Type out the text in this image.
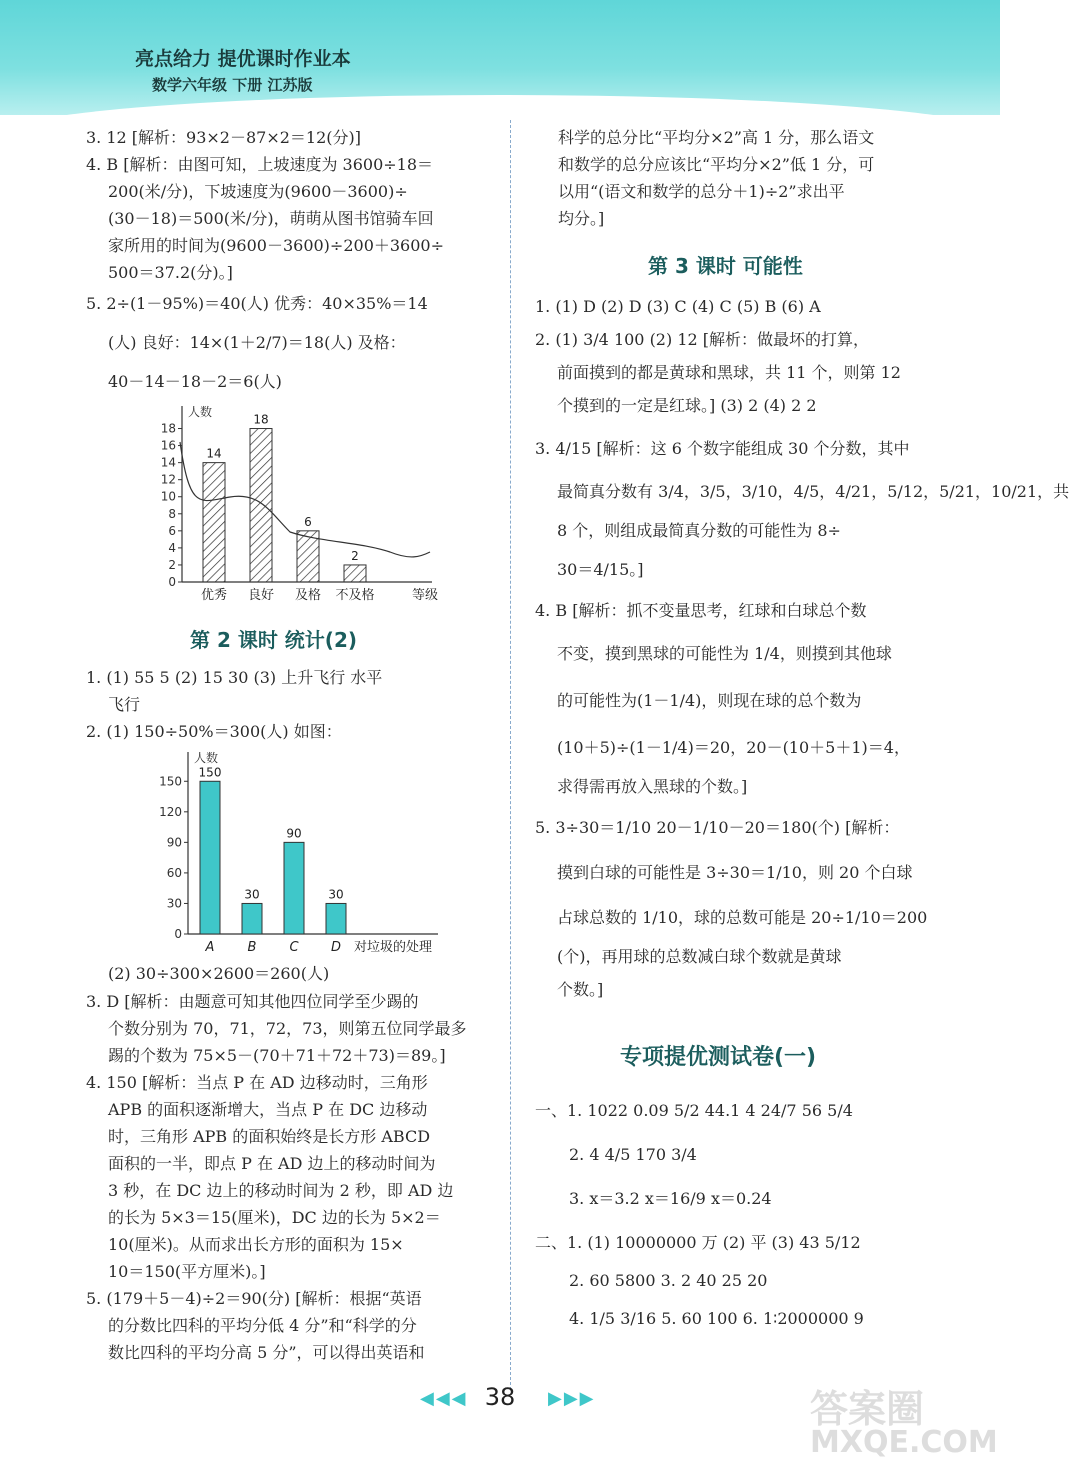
亮点给力 提优课时作业本
数学六年级 下册 江苏版
3. 12 [解析：93×2－87×2＝12(分)]
4. B [解析：由图可知，上坡速度为 3600÷18＝
200(米/分)，下坡速度为(9600－3600)÷
(30－18)＝500(米/分)，萌萌从图书馆骑车回
家所用的时间为(9600－3600)÷200＋3600÷
500＝37.2(分)。]
5. 2÷(1－95%)＝40(人) 优秀：40×35%＝14
(人) 良好：14×(1＋2/7)＝18(人) 及格：
40－14－18－2＝6(人)
人数
0
2
4
6
8
10
12
14
16
18
14
优秀
18
良好
6
及格
2
不及格	等级
第 2 课时 统计(2)
1. (1) 55 5 (2) 15 30 (3) 上升飞行 水平
飞行
2. (1) 150÷50%＝300(人) 如图：
人数
0
30
60
90
120
150
150
A
30
B
90
C
30
D 对垃圾的处理
(2) 30÷300×2600＝260(人)
3. D [解析：由题意可知其他四位同学至少踢的
个数分别为 70，71，72，73，则第五位同学最多
踢的个数为 75×5－(70＋71＋72＋73)＝89。]
4. 150 [解析：当点 P 在 AD 边移动时，三角形
APB 的面积逐渐增大，当点 P 在 DC 边移动
时，三角形 APB 的面积始终是长方形 ABCD
面积的一半，即点 P 在 AD 边上的移动时间为
3 秒，在 DC 边上的移动时间为 2 秒，即 AD 边
的长为 5×3＝15(厘米)，DC 边的长为 5×2＝
10(厘米)。从而求出长方形的面积为 15×
10＝150(平方厘米)。]
5. (179＋5－4)÷2＝90(分) [解析：根据“英语
的分数比四科的平均分低 4 分”和“科学的分
数比四科的平均分高 5 分”，可以得出英语和
科学的总分比“平均分×2”高 1 分，那么语文
和数学的总分应该比“平均分×2”低 1 分，可
以用“(语文和数学的总分＋1)÷2”求出平
均分。]
第 3 课时 可能性
1. (1) D (2) D (3) C (4) C (5) B (6) A
2. (1) 3/4 100 (2) 12 [解析：做最坏的打算，
前面摸到的都是黄球和黑球，共 11 个，则第 12
个摸到的一定是红球。] (3) 2 (4) 2 2
3. 4/15 [解析：这 6 个数字能组成 30 个分数，其中
最简真分数有 3/4，3/5，3/10，4/5，4/21，5/12，5/21，10/21，共
8 个，则组成最简真分数的可能性为 8÷
30＝4/15。]
4. B [解析：抓不变量思考，红球和白球总个数
不变，摸到黑球的可能性为 1/4，则摸到其他球
的可能性为(1－1/4)，则现在球的总个数为
(10＋5)÷(1－1/4)＝20，20－(10＋5＋1)＝4，
求得需再放入黑球的个数。]
5. 3÷30＝1/10 20－1/10－20＝180(个) [解析：
摸到白球的可能性是 3÷30＝1/10，则 20 个白球
占球总数的 1/10，球的总数可能是 20÷1/10＝200
(个)，再用球的总数减白球个数就是黄球
个数。]
专项提优测试卷(一)
一、1. 1022 0.09 5/2 44.1 4 24/7 56 5/4
2. 4 4/5 170 3/4
3. x＝3.2 x＝16/9 x＝0.24
二、1. (1) 10000000 万 (2) 平 (3) 43 5/12
2. 60 5800 3. 2 40 25 20
4. 1/5 3/16 5. 60 100 6. 1∶2000000 9
◀◀◀ 38	▶▶▶	答案圈
MXQE.COM
